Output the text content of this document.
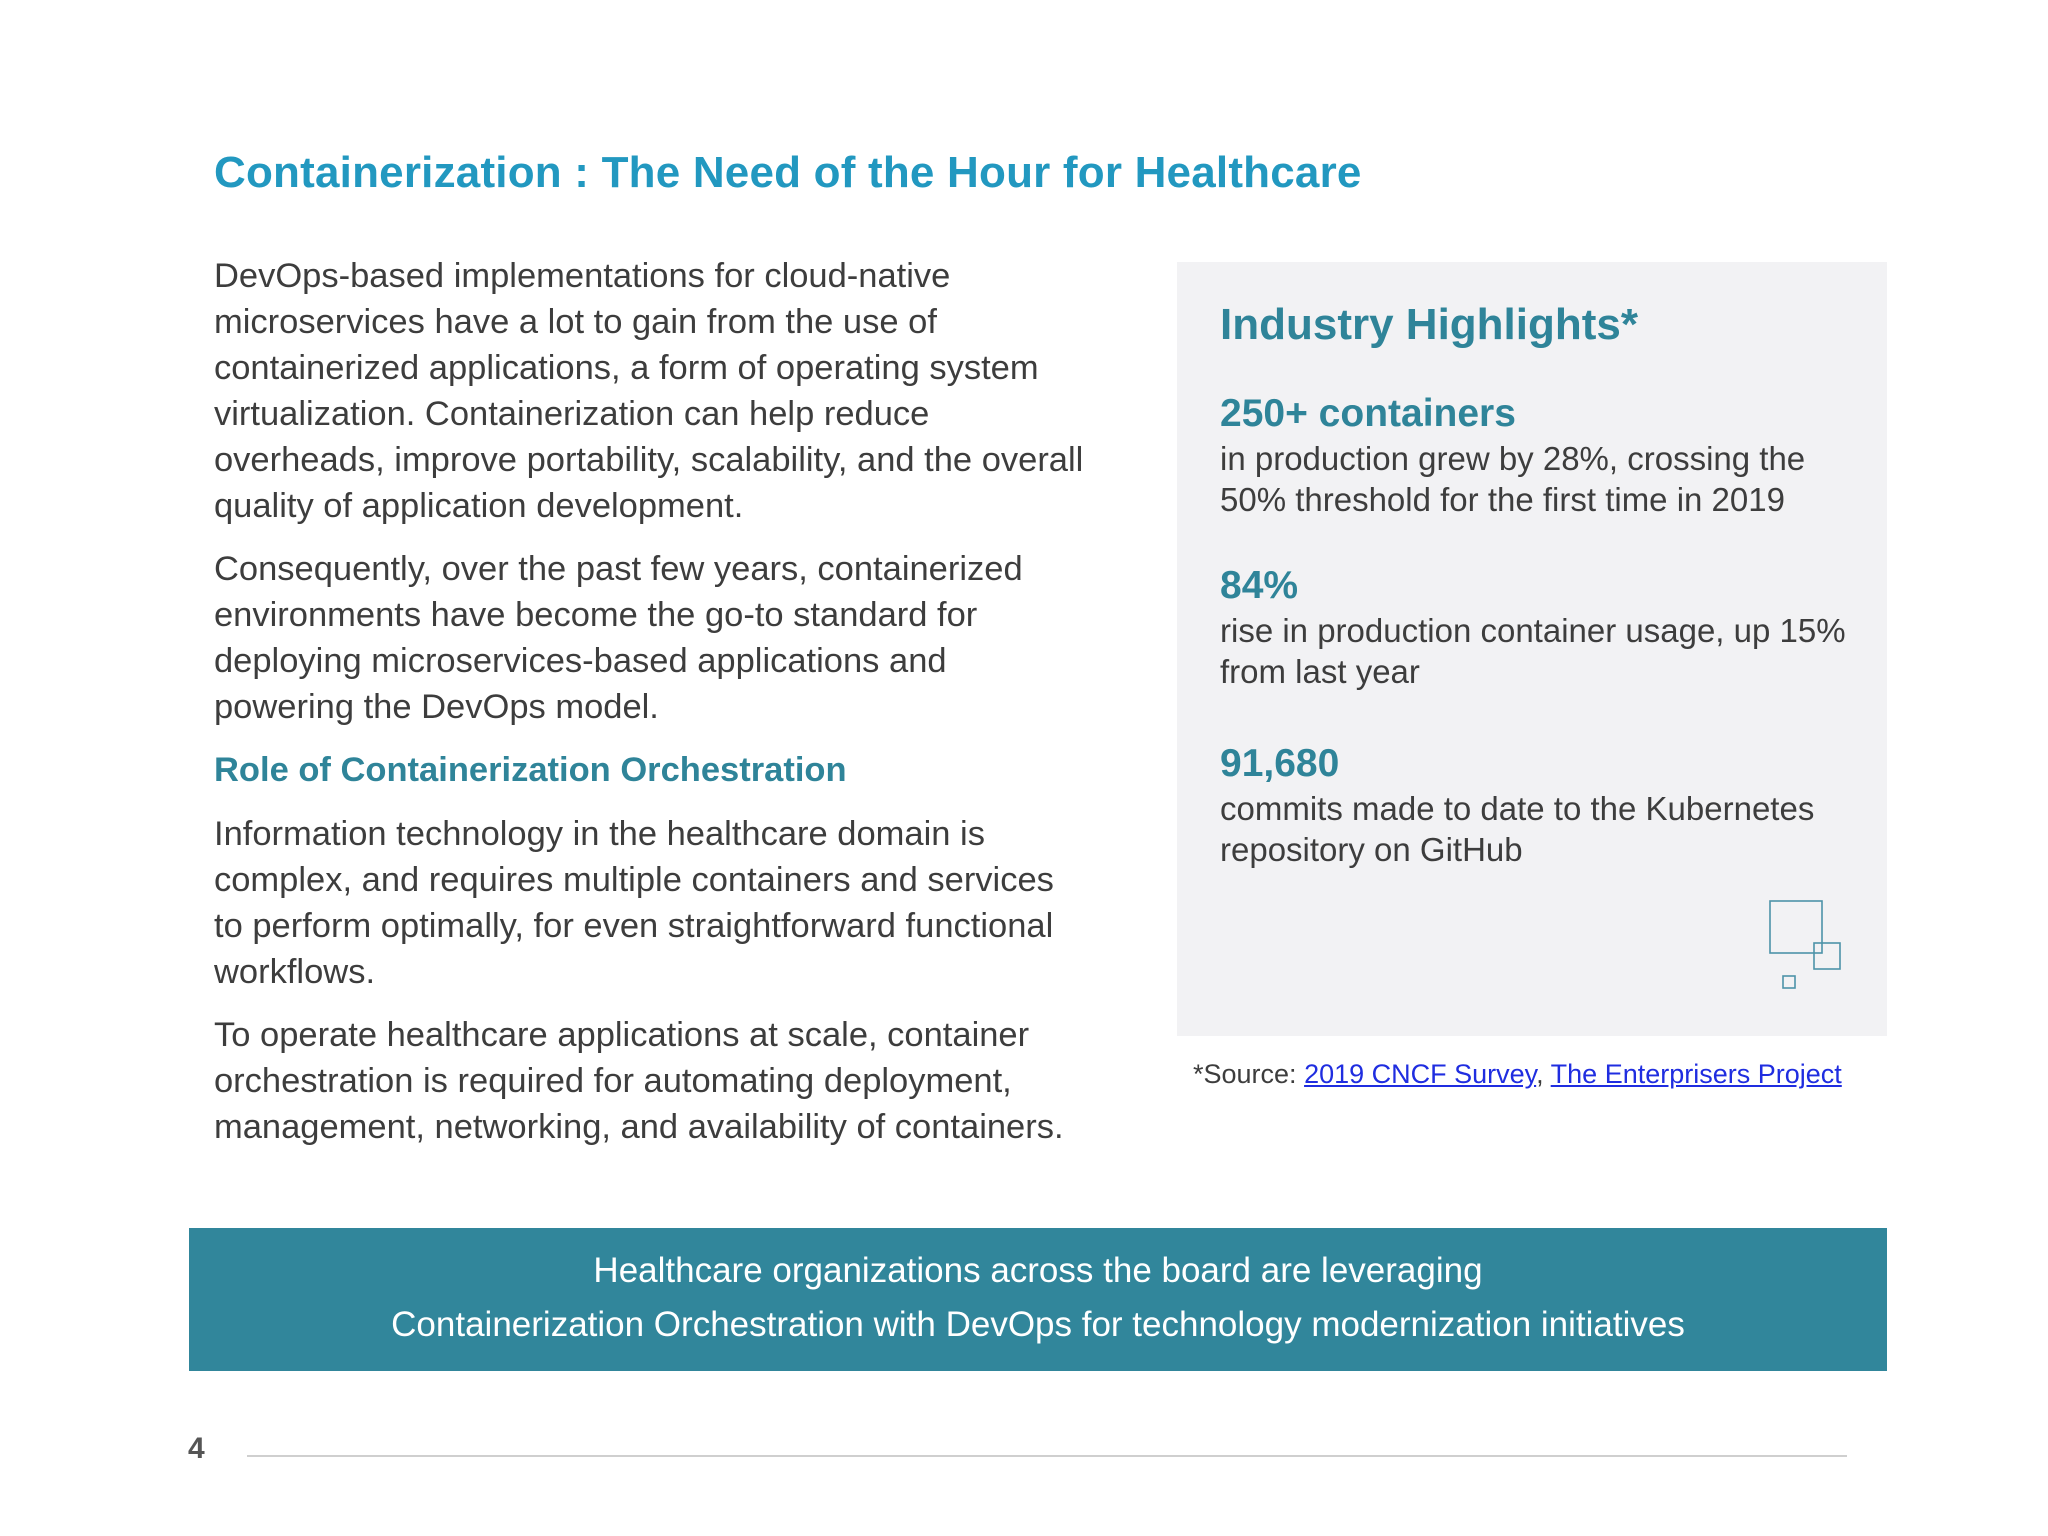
Containerization : The Need of the Hour for Healthcare

DevOps-based implementations for cloud-native microservices have a lot to gain from the use of containerized applications, a form of operating system virtualization. Containerization can help reduce overheads, improve portability, scalability, and the overall quality of application development.

Consequently, over the past few years, containerized environments have become the go-to standard for deploying microservices-based applications and powering the DevOps model.

Role of Containerization Orchestration

Information technology in the healthcare domain is complex, and requires multiple containers and services to perform optimally, for even straightforward functional workflows.

To operate healthcare applications at scale, container orchestration is required for automating deployment, management, networking, and availability of containers.

Industry Highlights*
250+ containers
in production grew by 28%, crossing the 50% threshold for the first time in 2019
84%
rise in production container usage, up 15% from last year
91,680
commits made to date to the Kubernetes repository on GitHub
*Source: 2019 CNCF Survey, The Enterprisers Project
Healthcare organizations across the board are leveraging
Containerization Orchestration with DevOps for technology modernization initiatives
4
